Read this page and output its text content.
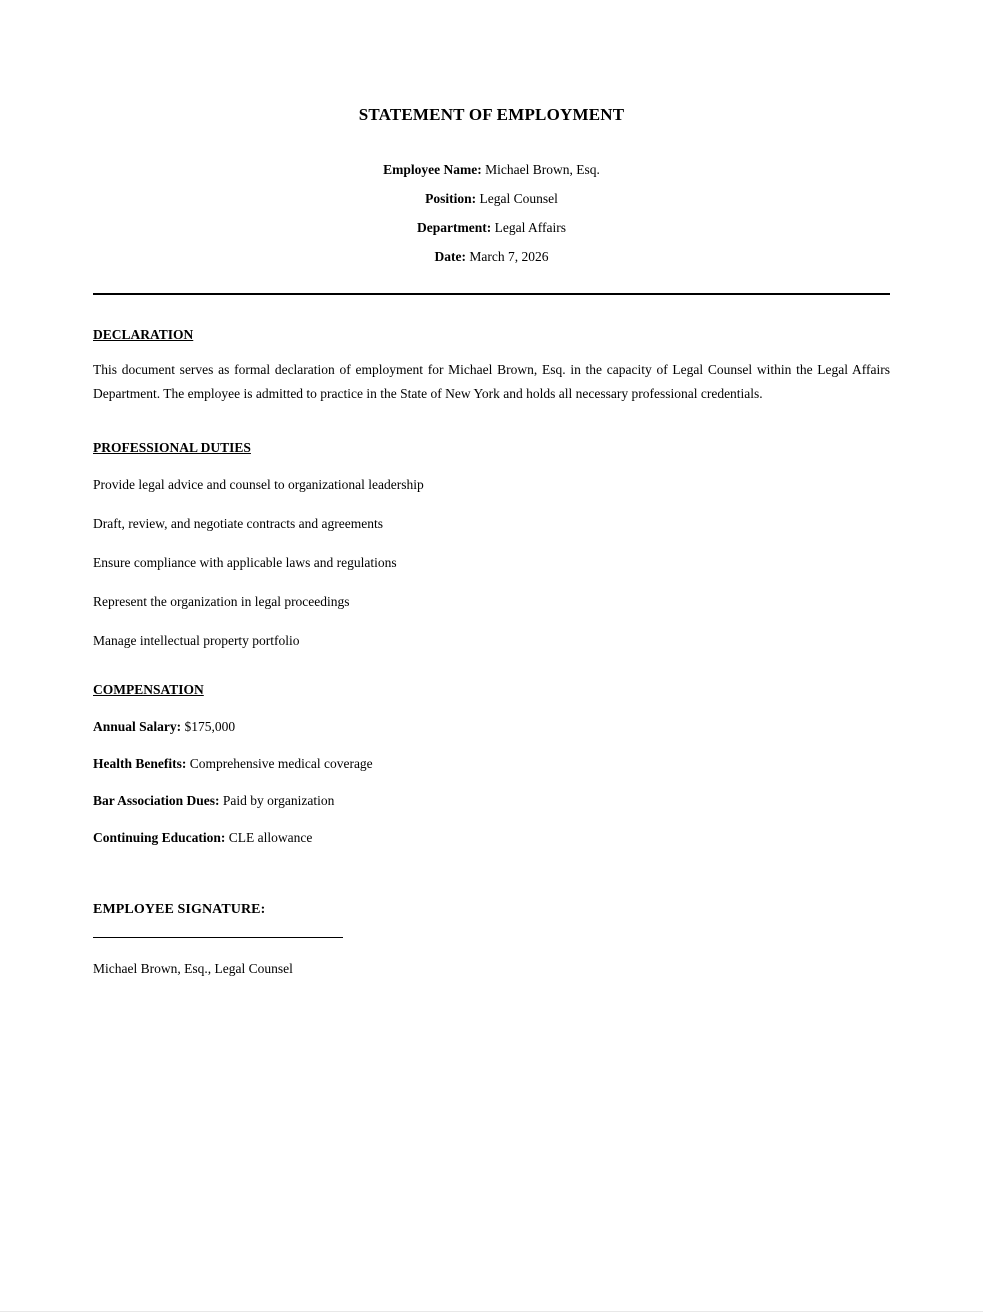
STATEMENT OF EMPLOYMENT
Employee Name: Michael Brown, Esq.
Position: Legal Counsel
Department: Legal Affairs
Date: March 7, 2026
DECLARATION

This document serves as formal declaration of employment for Michael Brown, Esq. in the capacity of Legal Counsel within the Legal Affairs Department. The employee is admitted to practice in the State of New York and holds all necessary professional credentials.

PROFESSIONAL DUTIES

Provide legal advice and counsel to organizational leadership

Draft, review, and negotiate contracts and agreements

Ensure compliance with applicable laws and regulations

Represent the organization in legal proceedings

Manage intellectual property portfolio

COMPENSATION

Annual Salary: $175,000

Health Benefits: Comprehensive medical coverage

Bar Association Dues: Paid by organization

Continuing Education: CLE allowance

EMPLOYEE SIGNATURE:

Michael Brown, Esq., Legal Counsel
